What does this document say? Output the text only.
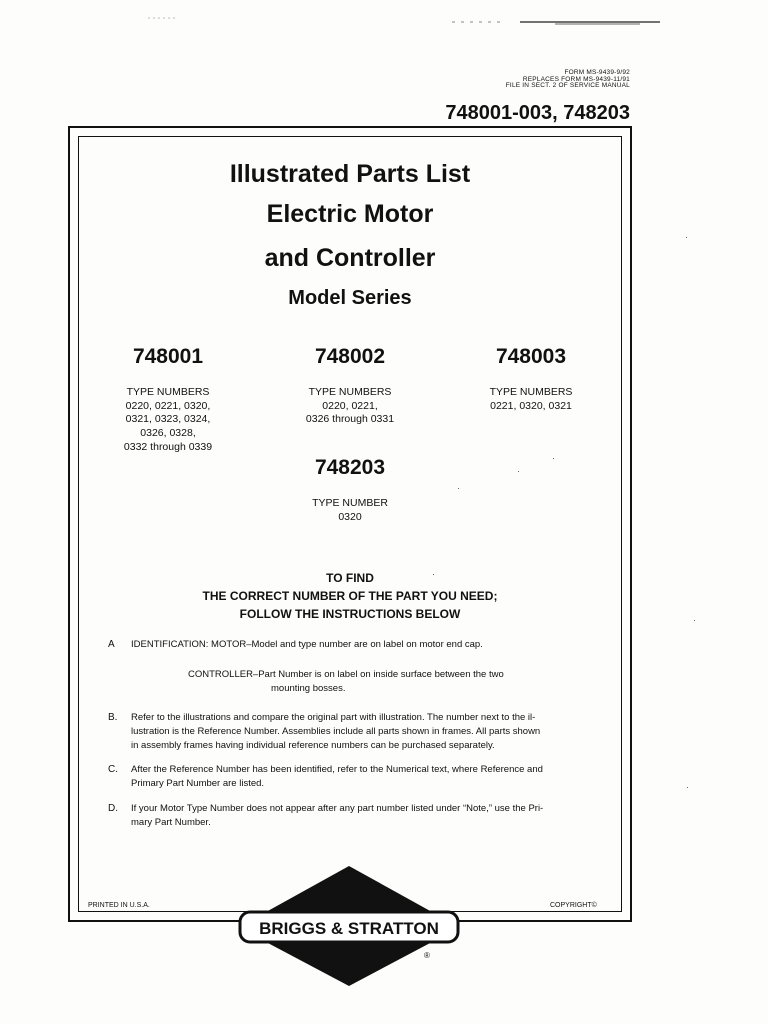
FORM MS-9439-9/92
REPLACES FORM MS-9439-11/91
FILE IN SECT. 2 OF SERVICE MANUAL
748001-003, 748203
Illustrated Parts List
Electric Motor
and Controller
Model Series
748001
TYPE NUMBERS
0220, 0221, 0320,
0321, 0323, 0324,
0326, 0328,
0332 through 0339
748002
TYPE NUMBERS
0220, 0221,
0326 through 0331
748003
TYPE NUMBERS
0221, 0320, 0321
748203
TYPE NUMBER
0320
TO FIND
THE CORRECT NUMBER OF THE PART YOU NEED;
FOLLOW THE INSTRUCTIONS BELOW
A IDENTIFICATION: MOTOR–Model and type number are on label on motor end cap.
CONTROLLER–Part Number is on label on inside surface between the two
mounting bosses.
B. Refer to the illustrations and compare the original part with illustration. The number next to the il-
lustration is the Reference Number. Assemblies include all parts shown in frames. All parts shown
in assembly frames having individual reference numbers can be purchased separately.
C. After the Reference Number has been identified, refer to the Numerical text, where Reference and
Primary Part Number are listed.
D. If your Motor Type Number does not appear after any part number listed under “Note,” use the Pri-
mary Part Number.
PRINTED IN U.S.A.	COPYRIGHT©
BRIGGS & STRATTON
®
